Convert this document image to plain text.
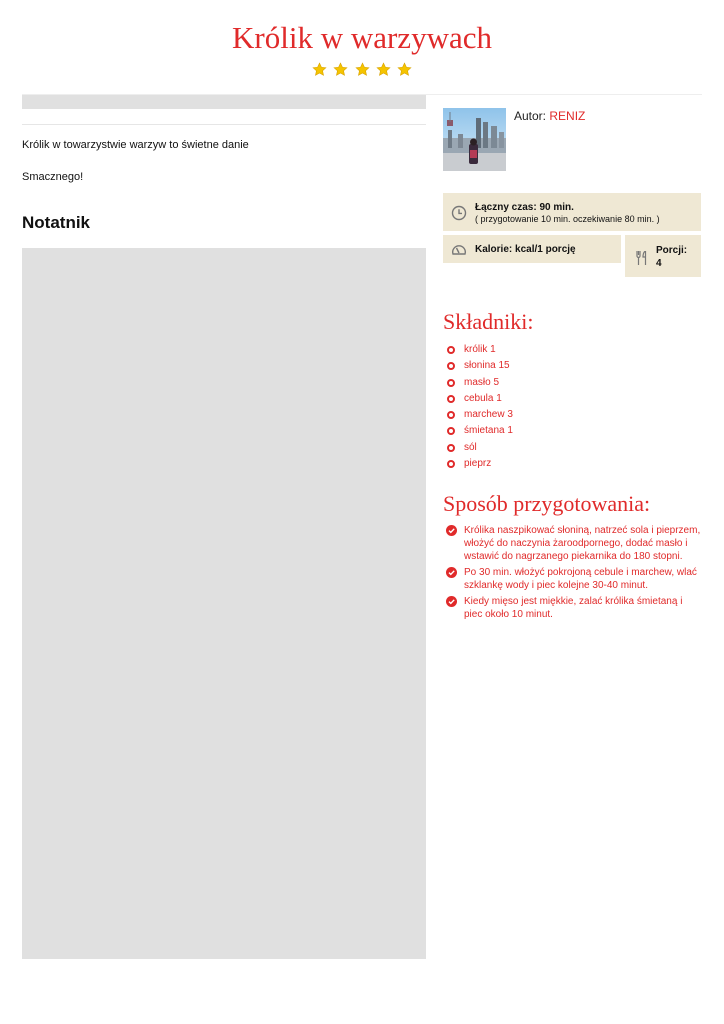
Królik w warzywach

Królik w towarzystwie warzyw to świetne danie

Smacznego!

Notatnik
Autor: RENIZ
Łączny czas: 90 min.
( przygotowanie 10 min. oczekiwanie 80 min. )
Kalorie: kcal/1 porcję	Porcji:
4
Składniki:
królik 1
słonina 15
masło 5
cebula 1
marchew 3
śmietana 1
sól
pieprz
Sposób przygotowania:
Królika naszpikować słoniną, natrzeć sola i pieprzem, włożyć do naczynia żaroodpornego, dodać masło i wstawić do nagrzanego piekarnika do 180 stopni.
Po 30 min. włożyć pokrojoną cebule i marchew, wlać szklankę wody i piec kolejne 30-40 minut.
Kiedy mięso jest miękkie, zalać królika śmietaną i piec około 10 minut.
